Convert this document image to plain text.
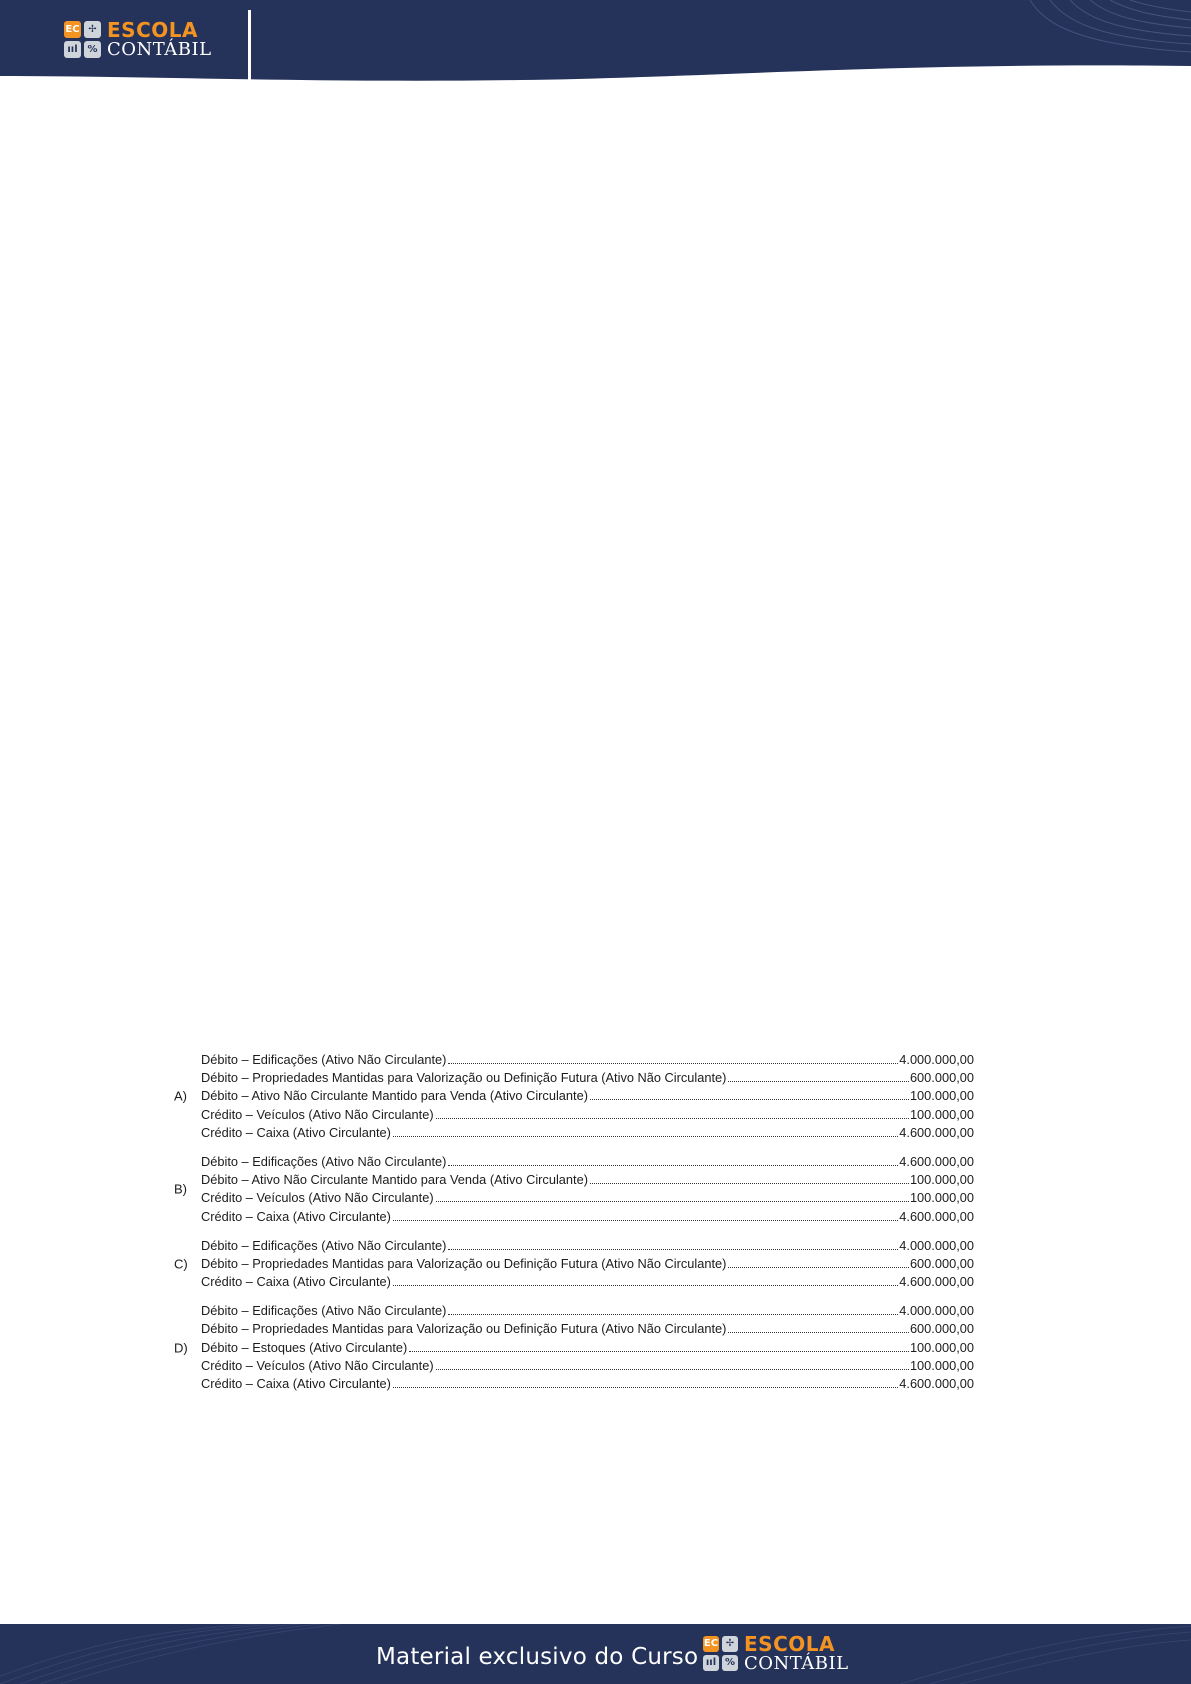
EC ✢
ııl %
ESCOLA
CONTÁBIL
A)
Débito – Edificações (Ativo Não Circulante)	4.000.000,00
Débito – Propriedades Mantidas para Valorização ou Definição Futura (Ativo Não Circulante)	600.000,00
Débito – Ativo Não Circulante Mantido para Venda (Ativo Circulante)	100.000,00
Crédito – Veículos (Ativo Não Circulante)	100.000,00
Crédito – Caixa (Ativo Circulante)	4.600.000,00
B)
Débito – Edificações (Ativo Não Circulante)	4.600.000,00
Débito – Ativo Não Circulante Mantido para Venda (Ativo Circulante)	100.000,00
Crédito – Veículos (Ativo Não Circulante)	100.000,00
Crédito – Caixa (Ativo Circulante)	4.600.000,00
C)
Débito – Edificações (Ativo Não Circulante)	4.000.000,00
Débito – Propriedades Mantidas para Valorização ou Definição Futura (Ativo Não Circulante)	600.000,00
Crédito – Caixa (Ativo Circulante)	4.600.000,00
D)
Débito – Edificações (Ativo Não Circulante)	4.000.000,00
Débito – Propriedades Mantidas para Valorização ou Definição Futura (Ativo Não Circulante)	600.000,00
Débito – Estoques (Ativo Circulante)	100.000,00
Crédito – Veículos (Ativo Não Circulante)	100.000,00
Crédito – Caixa (Ativo Circulante)	4.600.000,00
Material exclusivo do Curso
EC ✢
ııl %
ESCOLA
CONTÁBIL
